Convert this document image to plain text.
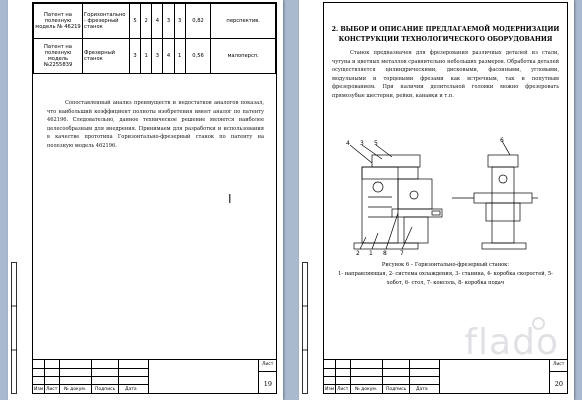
Патент на полезную модель № 46219	Горизонтально - фрезерный станок	5	2	4	3	3	0,82	перспектив.
Патент на полезную модель №2255839	Фрезерный станок	3	1	3	4	1	0,56	малоперсп.
Сопоставленный анализ преимуществ и недостатков аналогов показал, что наибольший коэффициент полноты изобретения имеет аналог по патенту 462196. Следовательно, данное техническое решение является наиболее целесообразным для внедрения. Принимаем для разработки и использования в качестве прототипа Горизонтально-фрезерный станок по патенту на полезную модель 462196.
Изм Лист № докум. Подпись Дата
Лист
19
2. ВЫБОР И ОПИСАНИЕ ПРЕДЛАГАЕМОЙ МОДЕРНИЗАЦИИ КОНСТРУКЦИИ ТЕХНОЛОГИЧЕСКОГО ОБОРУДОВАНИЯ
Станок предназначен для фрезерования различных деталей из стали, чугуна и цветных металлов сравнительно небольших размеров. Обработка деталей осуществляется цилиндрическими, дисковыми, фасонными, угловыми, модульными и торцевыми фрезами как встречным, так и попутным фрезерованием. При наличии делительной головки можно фрезеровать прямозубые шестерни, рейки, канавки и т.п.
4 3 5	6
2 1 8 7
Рисунок 6 – Горизонтально-фрезерный станок:
1- направляющая, 2- система охлаждения, 3- станина, 4- коробка скоростей, 5- хобот, 6- стол, 7- консоль, 8- коробка подач
flado
Изм Лист № докум. Подпись Дата
Лист
20
Ι
